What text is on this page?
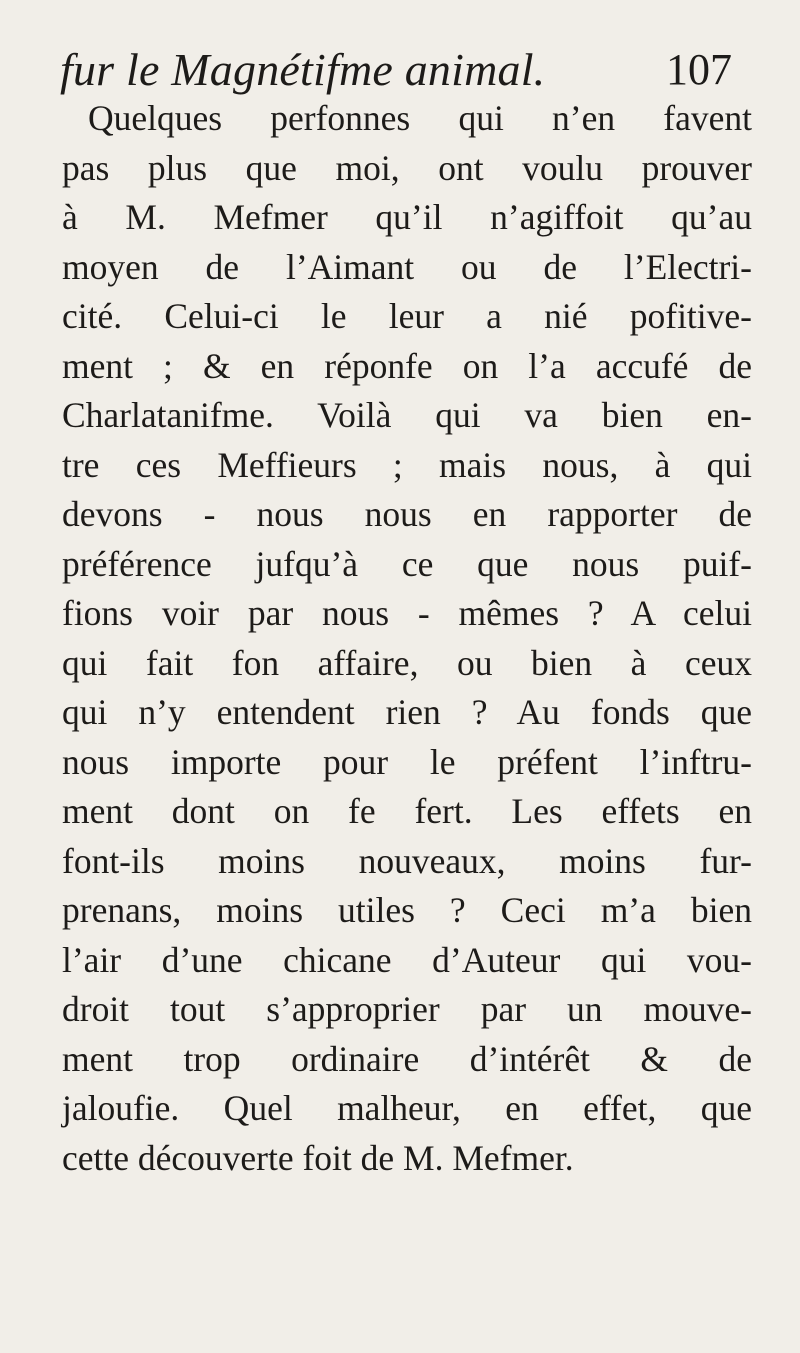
fur le Magnétifme animal.	107
Quelques perfonnes qui n’en favent
pas plus que moi, ont voulu prouver
à M. Mefmer qu’il n’agiffoit qu’au
moyen de l’Aimant ou de l’Electri-
cité. Celui-ci le leur a nié pofitive-
ment ; & en réponfe on l’a accufé de
Charlatanifme. Voilà qui va bien en-
tre ces Meffieurs ; mais nous, à qui
devons - nous nous en rapporter de
préférence jufqu’à ce que nous puif-
fions voir par nous - mêmes ? A celui
qui fait fon affaire, ou bien à ceux
qui n’y entendent rien ? Au fonds que
nous importe pour le préfent l’inftru-
ment dont on fe fert. Les effets en
font-ils moins nouveaux, moins fur-
prenans, moins utiles ? Ceci m’a bien
l’air d’une chicane d’Auteur qui vou-
droit tout s’approprier par un mouve-
ment trop ordinaire d’intérêt & de
jaloufie. Quel malheur, en effet, que
cette découverte foit de M. Mefmer.
